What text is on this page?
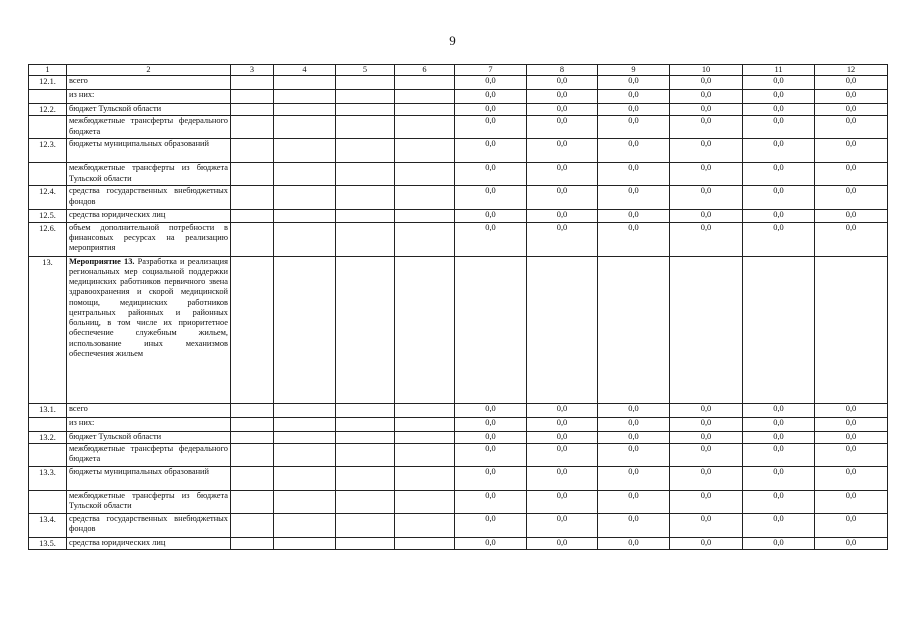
9
1	2	3	4	5	6	7	8	9	10	11	12
12.1.	всего					0,0	0,0	0,0	0,0	0,0	0,0
	из них:					0,0	0,0	0,0	0,0	0,0	0,0
12.2.	бюджет Тульской области					0,0	0,0	0,0	0,0	0,0	0,0
	межбюджетные трансферты федерального бюджета					0,0	0,0	0,0	0,0	0,0	0,0
12.3.	бюджеты муниципальных образований					0,0	0,0	0,0	0,0	0,0	0,0
	межбюджетные трансферты из бюджета Тульской области					0,0	0,0	0,0	0,0	0,0	0,0
12.4.	средства государственных внебюджетных фондов					0,0	0,0	0,0	0,0	0,0	0,0
12.5.	средства юридических лиц					0,0	0,0	0,0	0,0	0,0	0,0
12.6.	объем дополнительной потребности в финансовых ресурсах на реализацию мероприятия					0,0	0,0	0,0	0,0	0,0	0,0
13.	Мероприятие 13. Разработка и реализация региональных мер социальной поддержки медицинских работников первичного звена здравоохранения и скорой медицинской помощи, медицинских работников центральных районных и районных больниц, в том числе их приоритетное обеспечение служебным жильем, использование иных механизмов обеспечения жильем										
13.1.	всего					0,0	0,0	0,0	0,0	0,0	0,0
	из них:					0,0	0,0	0,0	0,0	0,0	0,0
13.2.	бюджет Тульской области					0,0	0,0	0,0	0,0	0,0	0,0
	межбюджетные трансферты федерального бюджета					0,0	0,0	0,0	0,0	0,0	0,0
13.3.	бюджеты муниципальных образований					0,0	0,0	0,0	0,0	0,0	0,0
	межбюджетные трансферты из бюджета Тульской области					0,0	0,0	0,0	0,0	0,0	0,0
13.4.	средства государственных внебюджетных фондов					0,0	0,0	0,0	0,0	0,0	0,0
13.5.	средства юридических лиц					0,0	0,0	0,0	0,0	0,0	0,0
